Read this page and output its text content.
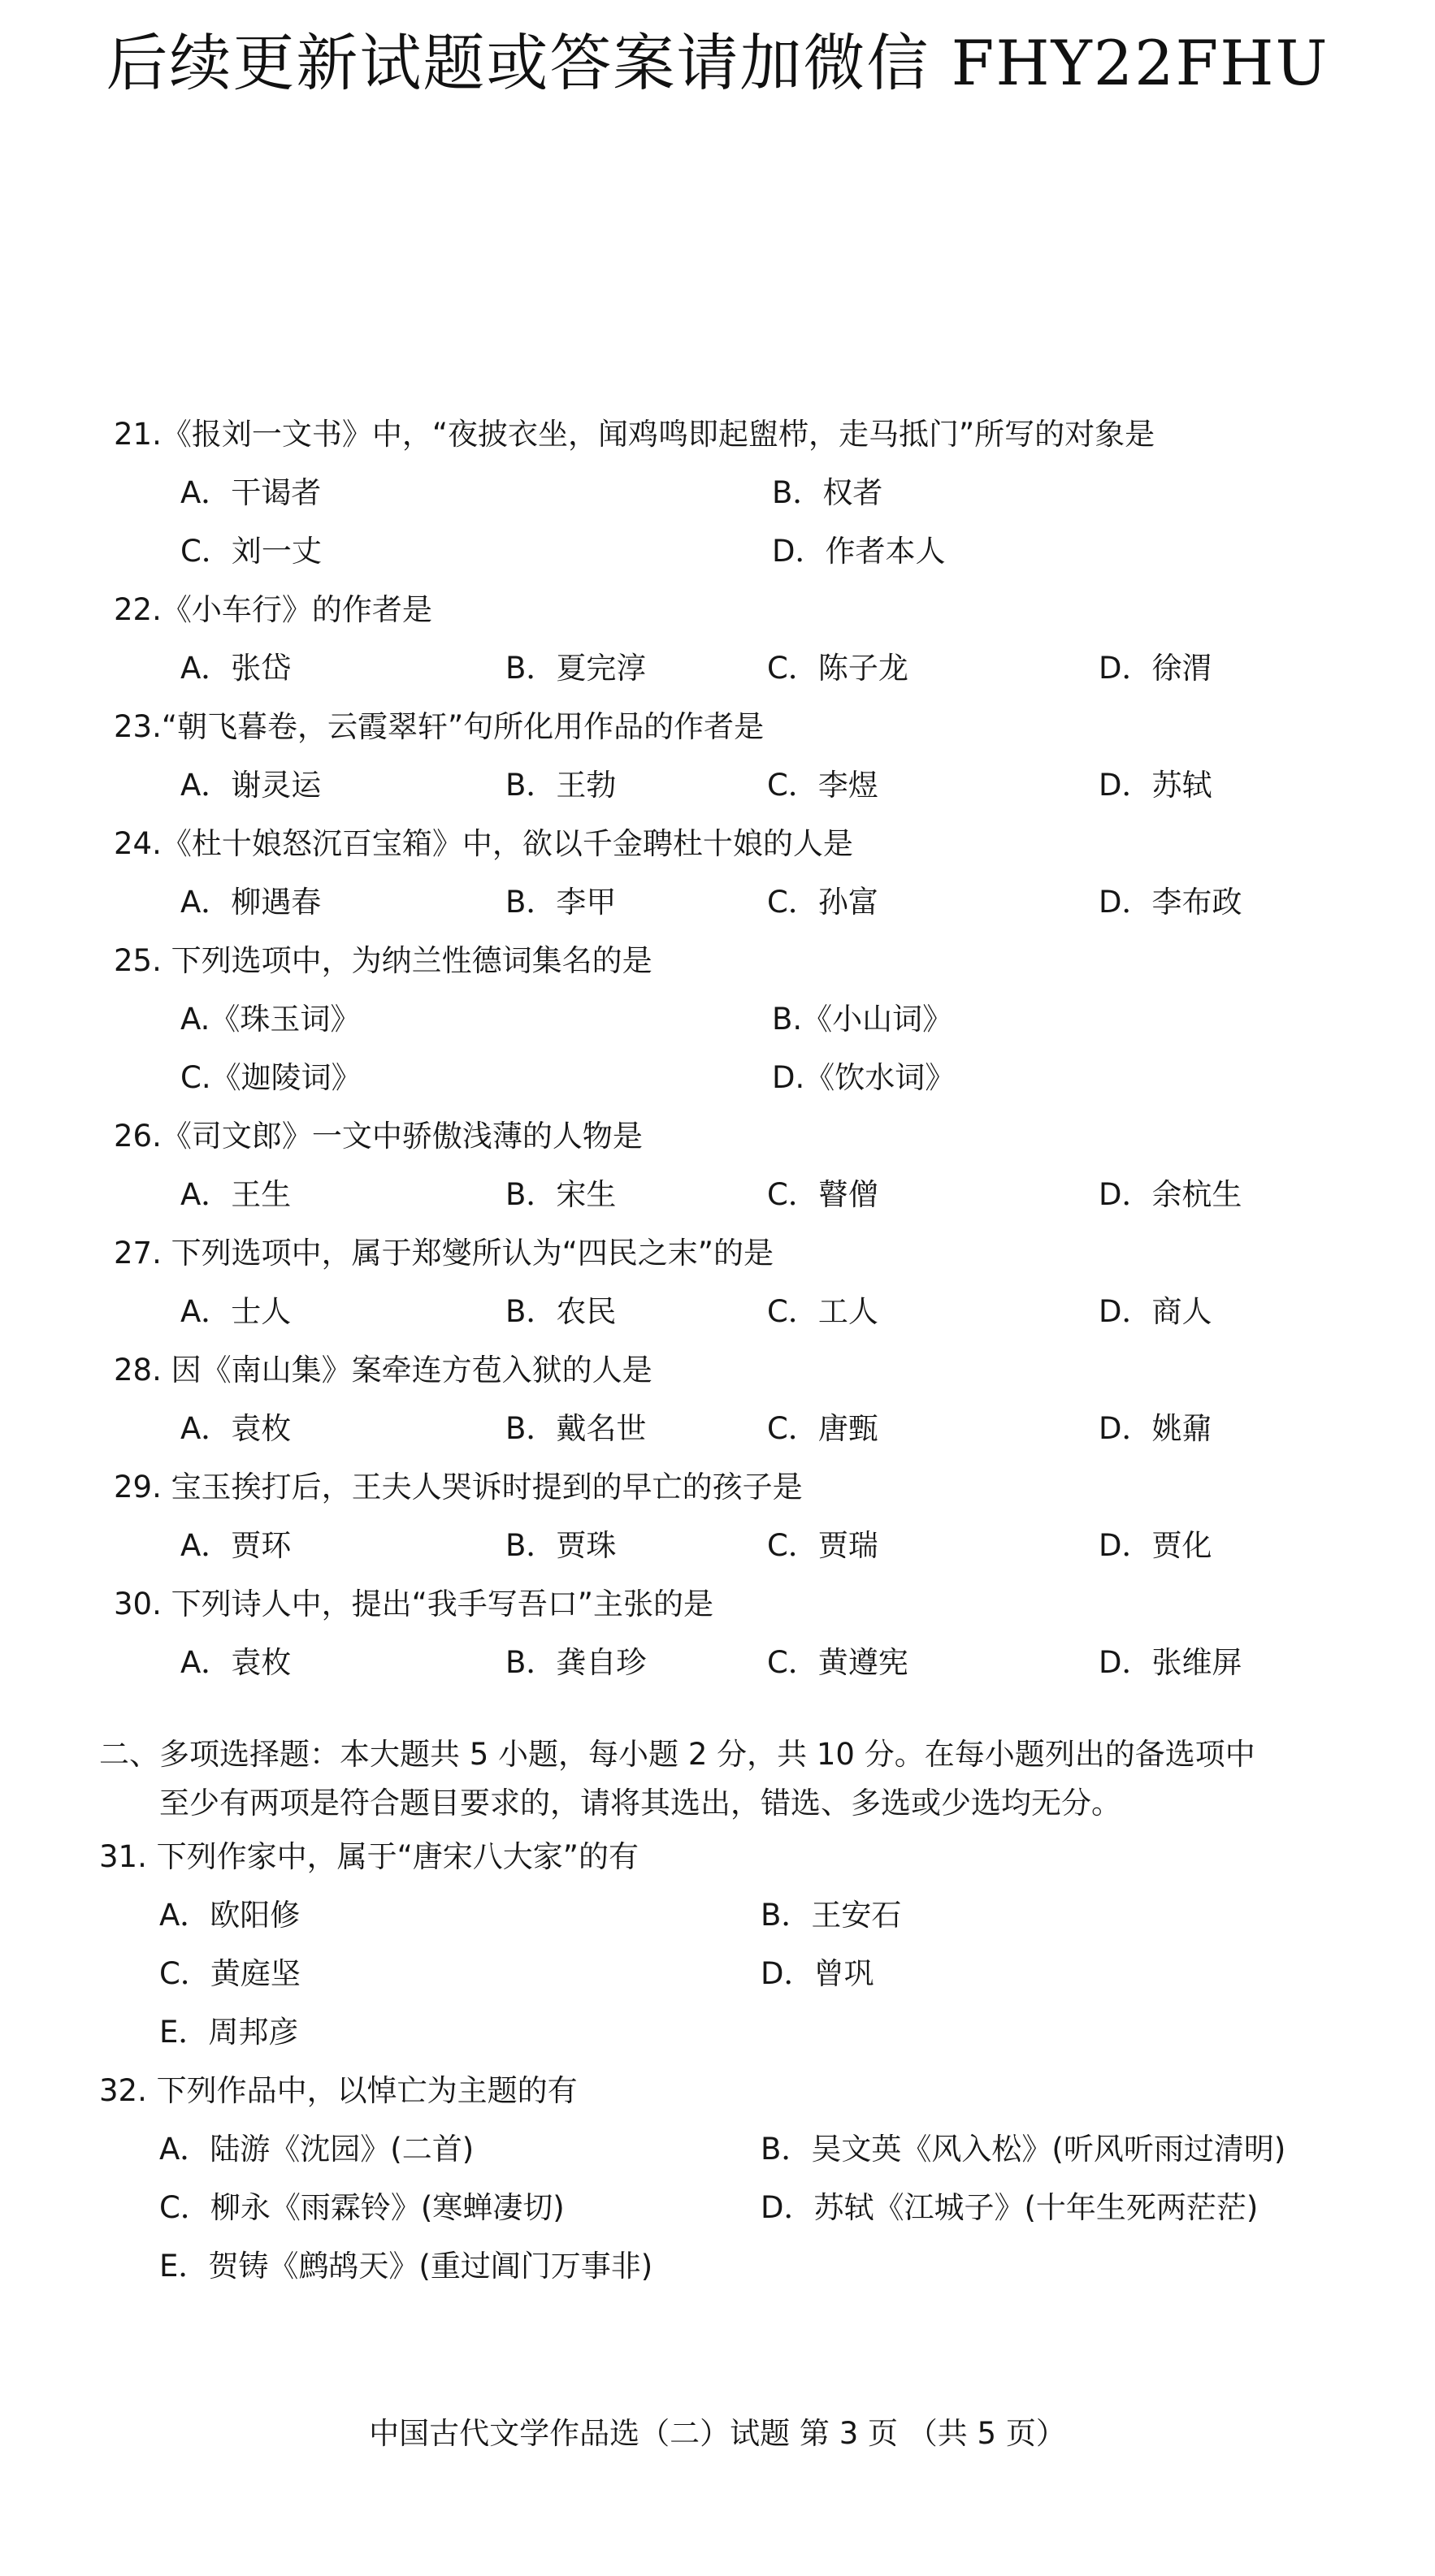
后续更新试题或答案请加微信 FHY22FHU
21.《报刘一文书》中，“夜披衣坐，闻鸡鸣即起盥栉，走马抵门”所写的对象是
A．干谒者	B．权者
C．刘一丈	D．作者本人
22.《小车行》的作者是
A．张岱	B．夏完淳	C．陈子龙	D．徐渭
23.“朝飞暮卷，云霞翠轩”句所化用作品的作者是
A．谢灵运	B．王勃	C．李煜	D．苏轼
24.《杜十娘怒沉百宝箱》中，欲以千金聘杜十娘的人是
A．柳遇春	B．李甲	C．孙富	D．李布政
25. 下列选项中，为纳兰性德词集名的是
A.《珠玉词》	B.《小山词》
C.《迦陵词》	D.《饮水词》
26.《司文郎》一文中骄傲浅薄的人物是
A．王生	B．宋生	C．瞽僧	D．余杭生
27. 下列选项中，属于郑燮所认为“四民之末”的是
A．士人	B．农民	C．工人	D．商人
28. 因《南山集》案牵连方苞入狱的人是
A．袁枚	B．戴名世	C．唐甄	D．姚鼐
29. 宝玉挨打后，王夫人哭诉时提到的早亡的孩子是
A．贾环	B．贾珠	C．贾瑞	D．贾化
30. 下列诗人中，提出“我手写吾口”主张的是
A．袁枚	B．龚自珍	C．黄遵宪	D．张维屏
二、多项选择题：本大题共 5 小题，每小题 2 分，共 10 分。在每小题列出的备选项中
至少有两项是符合题目要求的，请将其选出，错选、多选或少选均无分。
31. 下列作家中，属于“唐宋八大家”的有
A．欧阳修	B．王安石
C．黄庭坚	D．曾巩
E．周邦彦
32. 下列作品中，以悼亡为主题的有
A．陆游《沈园》(二首)	B．吴文英《风入松》(听风听雨过清明)
C．柳永《雨霖铃》(寒蝉凄切)	D．苏轼《江城子》(十年生死两茫茫)
E．贺铸《鹧鸪天》(重过阊门万事非)
中国古代文学作品选（二）试题 第 3 页 （共 5 页）
